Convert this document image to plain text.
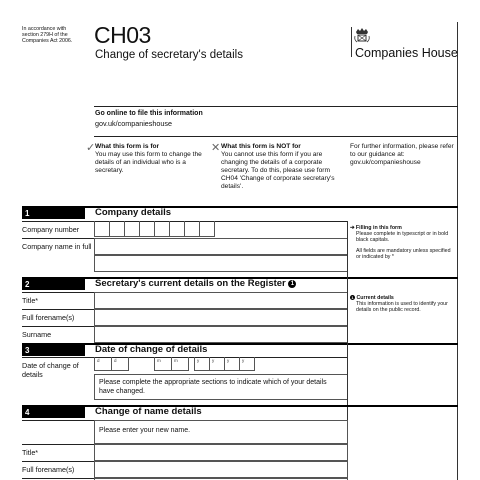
In accordance with section 279H of the Companies Act 2006. CH03
Change of secretary's details	Companies House
Go online to file this information
gov.uk/companieshouse
✓ What this form is for
You may use this form to change the details of an individual who is a secretary.
✕ What this form is NOT for
You cannot use this form if you are changing the details of a corporate secretary. To do this, please use form CH04 'Change of corporate secretary's details'.
For further information, please refer to our guidance at: gov.uk/companieshouse
1	Company details
Company number
Company name in full
➔ Filling in this form
Please complete in typescript or in bold black capitals.
All fields are mandatory unless specified or indicated by *
2	Secretary's current details on the Register 1
Title*
Full forename(s)
Surname
1 Current details
This information is used to identify your details on the public record.
3	Date of change of details
Date of change of details
d	d	m	m	y	y	y	y
Please complete the appropriate sections to indicate which of your details have changed.
4	Change of name details
Please enter your new name.
Title*
Full forename(s)
